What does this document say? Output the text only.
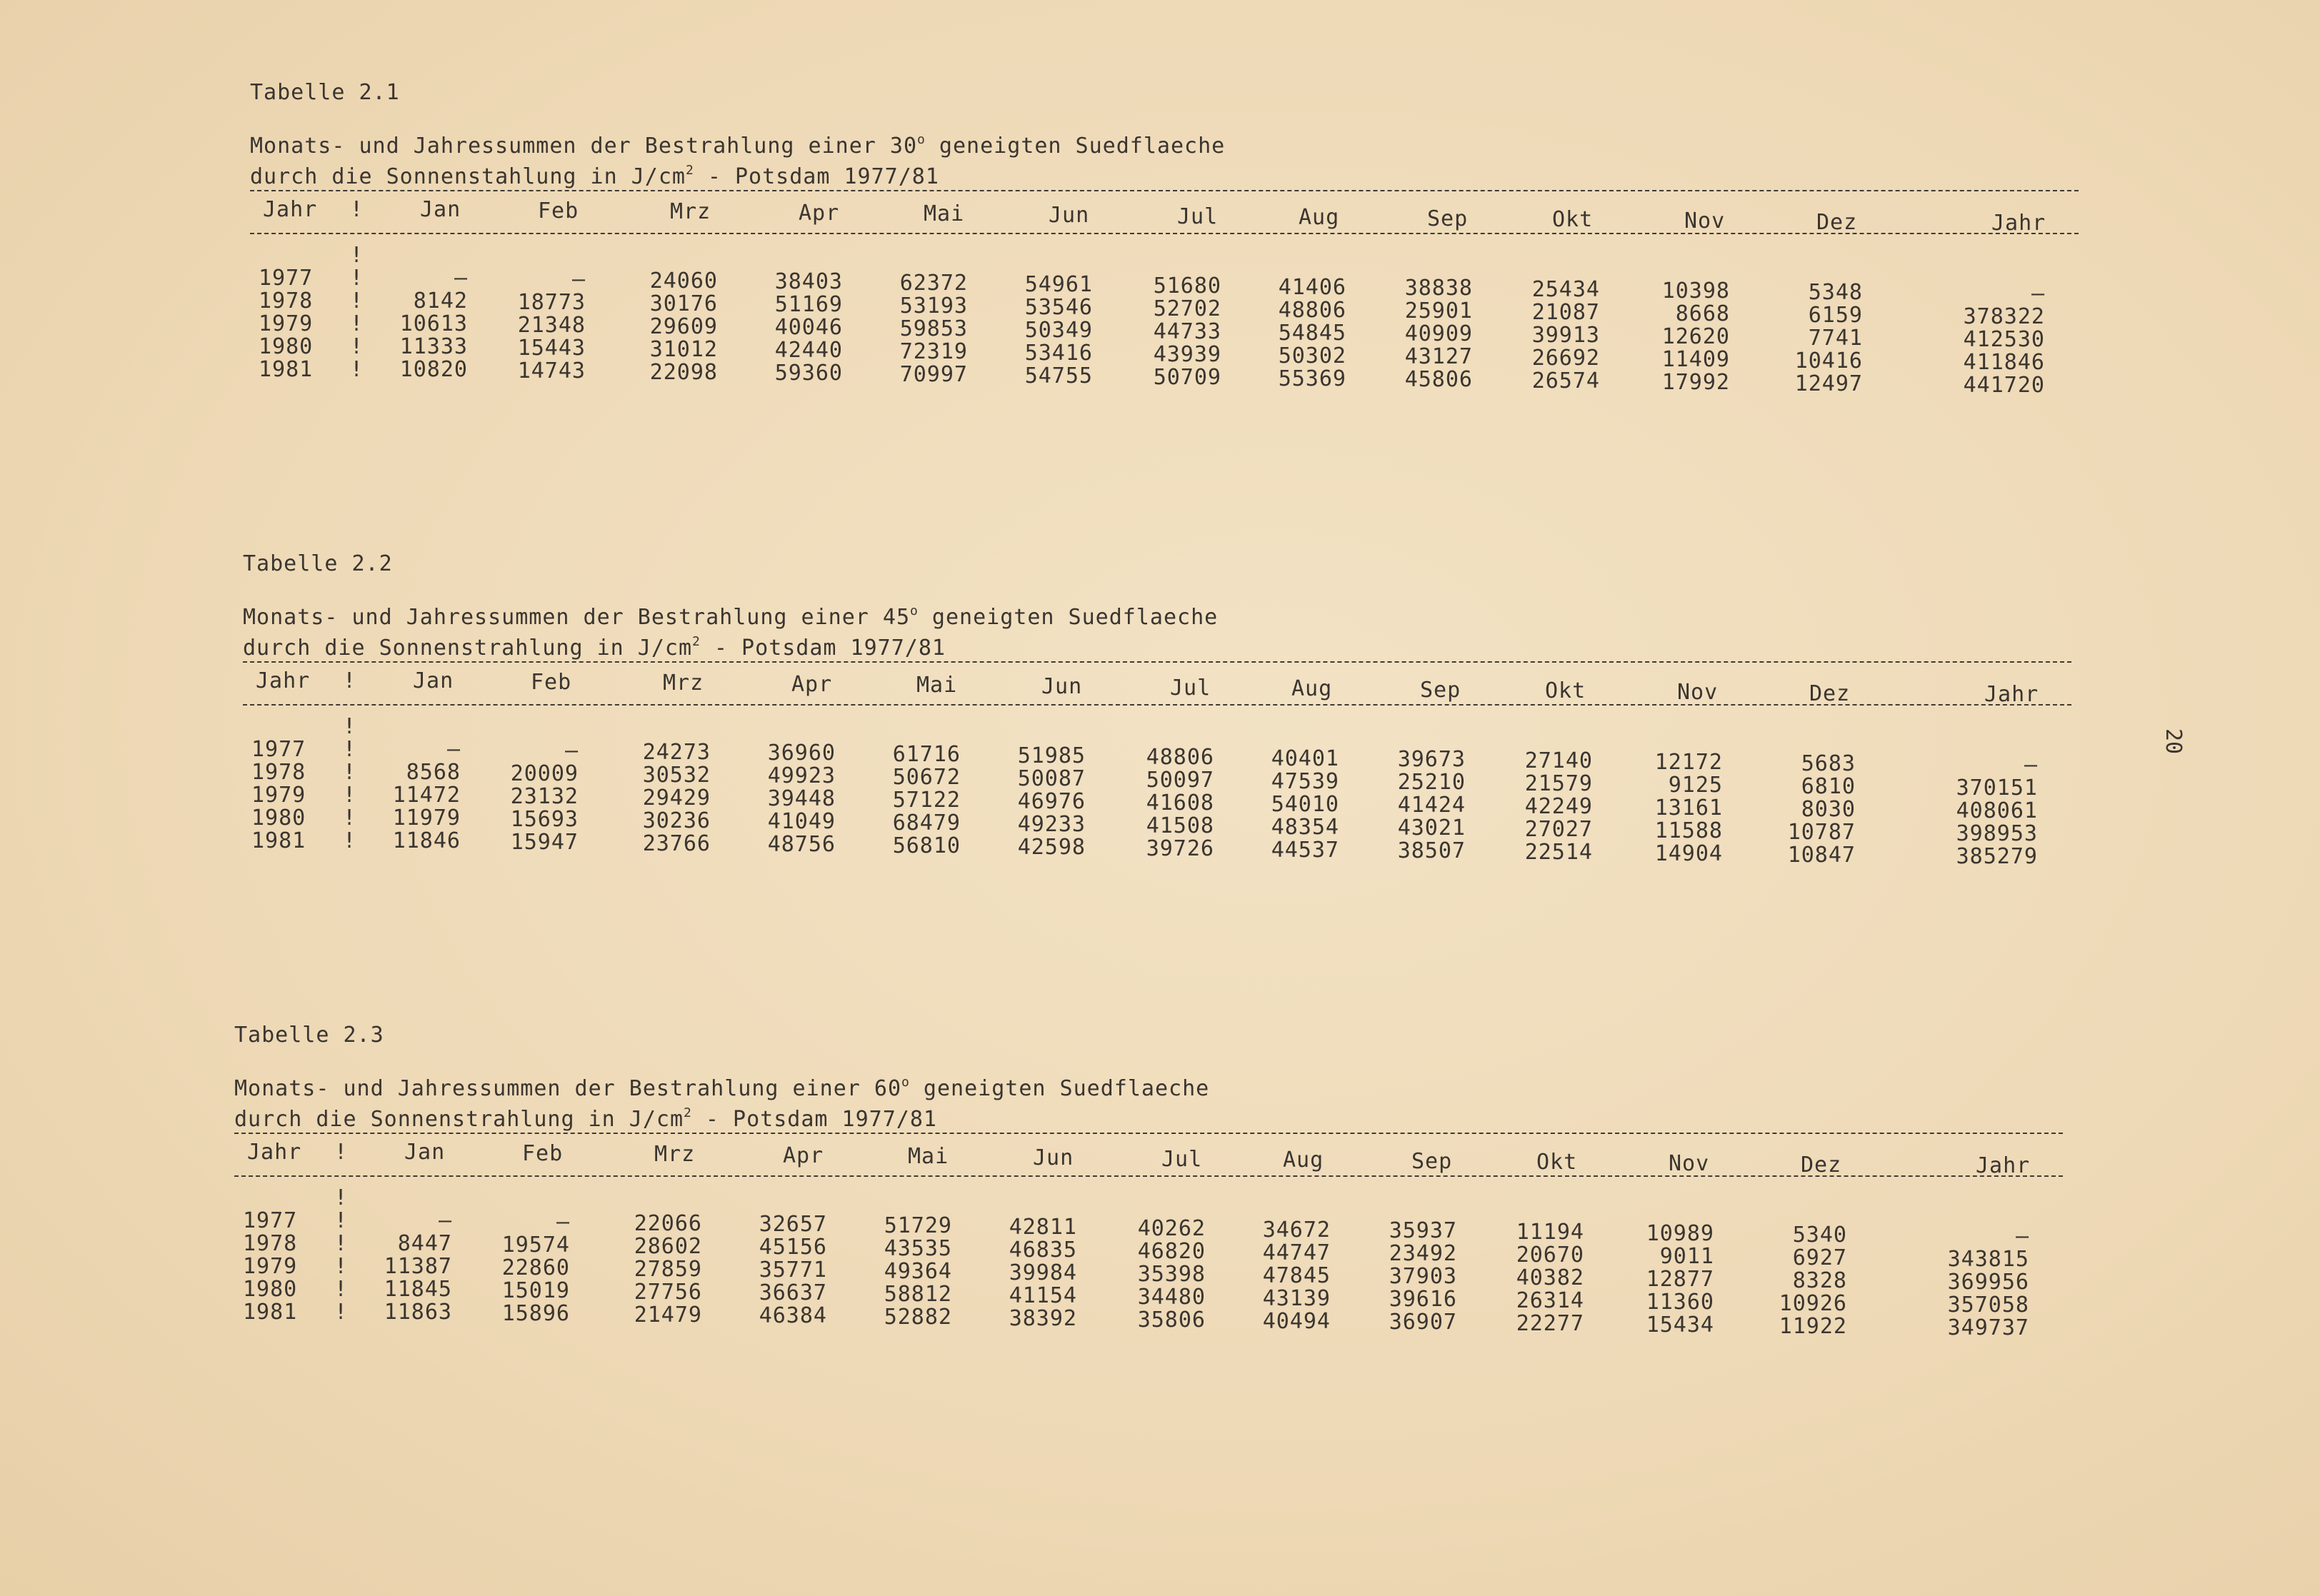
Tabelle 2.1
Monats- und Jahressummen der Bestrahlung einer 30$^o$ geneigten Suedflaeche
durch die Sonnenstahlung in $J/cm^2$ - Potsdam 1977/81
Jahr !	Jan	Feb	Mrz	Apr	Mai	Jun	Jul	Aug	Sep	Okt	Nov	Dez	Jahr
!
1977 !	–	–	24060	38403	62372	54961	51680	41406	38838	25434	10398	5348	–
1978 !	8142	18773	30176	51169	53193	53546	52702	48806	25901	21087	8668	6159	378322
1979 !	10613	21348	29609	40046	59853	50349	44733	54845	40909	39913	12620	7741	412530
1980 !	11333	15443	31012	42440	72319	53416	43939	50302	43127	26692	11409	10416	411846
1981 !	10820	14743	22098	59360	70997	54755	50709	55369	45806	26574	17992	12497	441720
Tabelle 2.2
Monats- und Jahressummen der Bestrahlung einer 45$^o$ geneigten Suedflaeche
durch die Sonnenstrahlung in $J/cm^2$ - Potsdam 1977/81
Jahr !	Jan	Feb	Mrz	Apr	Mai	Jun	Jul	Aug	Sep	Okt	Nov	Dez	Jahr
!
1977 !	–	–	24273	36960	61716	51985	48806	40401	39673	27140	12172	5683	–
1978 !	8568	20009	30532	49923	50672	50087	50097	47539	25210	21579	9125	6810	370151
1979 !	11472	23132	29429	39448	57122	46976	41608	54010	41424	42249	13161	8030	408061
1980 !	11979	15693	30236	41049	68479	49233	41508	48354	43021	27027	11588	10787	398953
1981 !	11846	15947	23766	48756	56810	42598	39726	44537	38507	22514	14904	10847	385279
Tabelle 2.3
Monats- und Jahressummen der Bestrahlung einer 60$^o$ geneigten Suedflaeche
durch die Sonnenstrahlung in $J/cm^2$ - Potsdam 1977/81
Jahr !	Jan	Feb	Mrz	Apr	Mai	Jun	Jul	Aug	Sep	Okt	Nov	Dez	Jahr
!
1977 !	–	–	22066	32657	51729	42811	40262	34672	35937	11194	10989	5340	–
1978 !	8447	19574	28602	45156	43535	46835	46820	44747	23492	20670	9011	6927	343815
1979 !	11387	22860	27859	35771	49364	39984	35398	47845	37903	40382	12877	8328	369956
1980 !	11845	15019	27756	36637	58812	41154	34480	43139	39616	26314	11360	10926	357058
1981 !	11863	15896	21479	46384	52882	38392	35806	40494	36907	22277	15434	11922	349737
20
